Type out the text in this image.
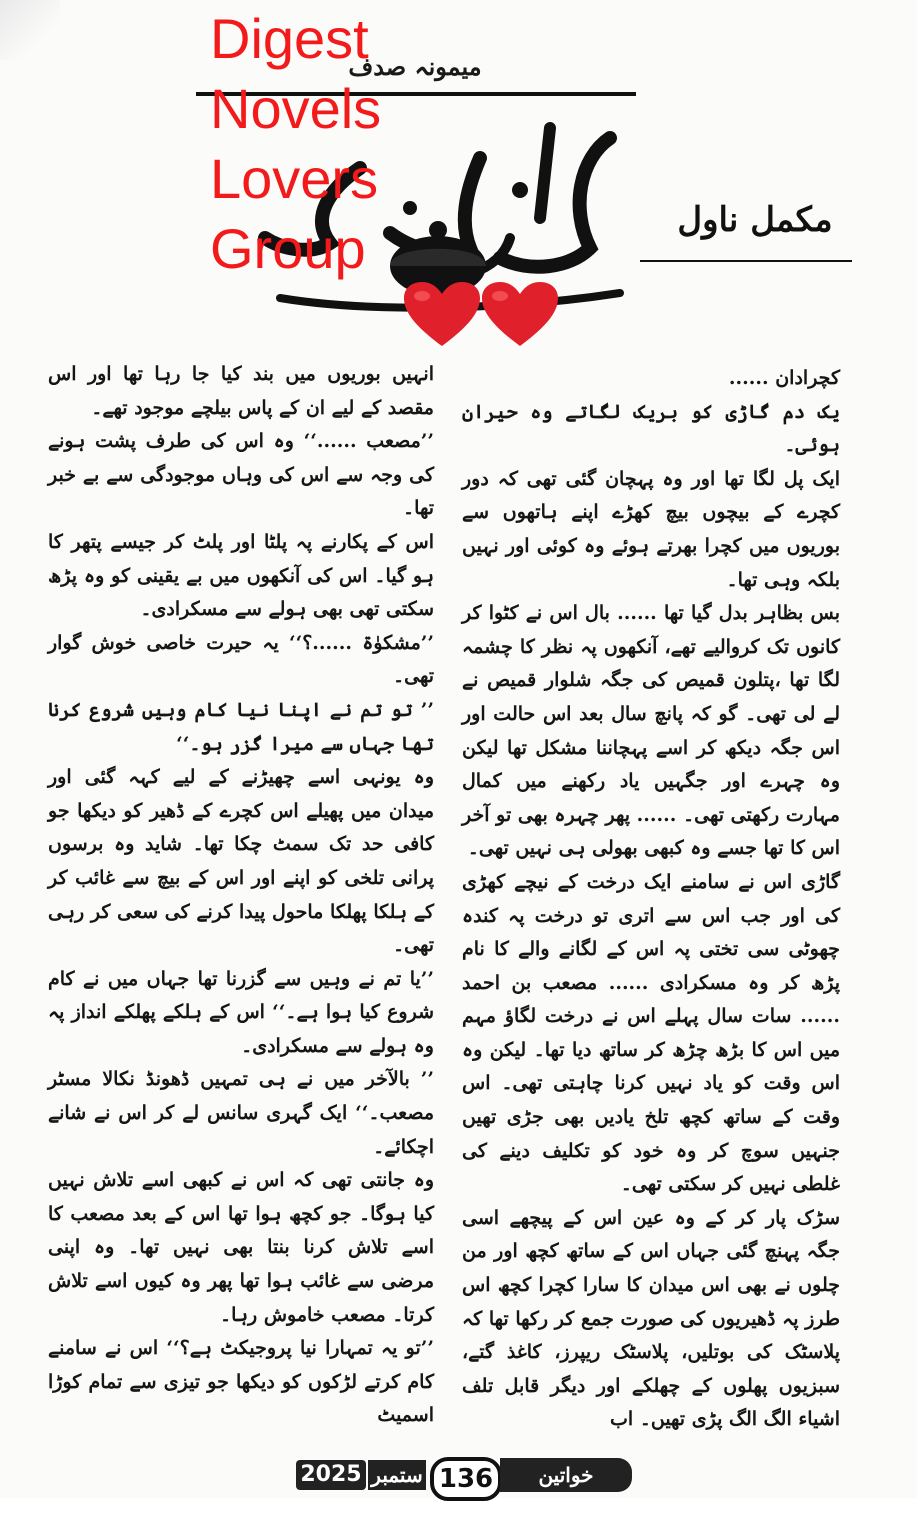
میمونہ صدف
مکمل ناول
Digest
Novels
Lovers
Group

کچرادان ......

یک دم گاڑی کو بریک لگاتے وہ حیران ہوئی۔

ایک پل لگا تھا اور وہ پہچان گئی تھی کہ دور کچرے کے بیچوں بیچ کھڑے اپنے ہاتھوں سے بوریوں میں کچرا بھرتے ہوئے وہ کوئی اور نہیں بلکہ وہی تھا۔

بس بظاہر بدل گیا تھا ...... بال اس نے کٹوا کر کانوں تک کروالیے تھے، آنکھوں پہ نظر کا چشمہ لگا تھا ،پتلون قمیص کی جگہ شلوار قمیص نے لے لی تھی۔ گو کہ پانچ سال بعد اس حالت اور اس جگہ دیکھ کر اسے پہچاننا مشکل تھا لیکن وہ چہرے اور جگہیں یاد رکھنے میں کمال مہارت رکھتی تھی۔ ...... پھر چہرہ بھی تو آخر اس کا تھا جسے وہ کبھی بھولی ہی نہیں تھی۔

گاڑی اس نے سامنے ایک درخت کے نیچے کھڑی کی اور جب اس سے اتری تو درخت پہ کندہ چھوٹی سی تختی پہ اس کے لگانے والے کا نام پڑھ کر وہ مسکرادی ...... مصعب بن احمد ...... سات سال پہلے اس نے درخت لگاؤ مہم میں اس کا بڑھ چڑھ کر ساتھ دیا تھا۔ لیکن وہ اس وقت کو یاد نہیں کرنا چاہتی تھی۔ اس وقت کے ساتھ کچھ تلخ یادیں بھی جڑی تھیں جنہیں سوچ کر وہ خود کو تکلیف دینے کی غلطی نہیں کر سکتی تھی۔

سڑک پار کر کے وہ عین اس کے پیچھے اسی جگہ پہنچ گئی جہاں اس کے ساتھ کچھ اور من چلوں نے بھی اس میدان کا سارا کچرا کچھ اس طرز پہ ڈھیریوں کی صورت جمع کر رکھا تھا کہ پلاسٹک کی بوتلیں، پلاسٹک ریپرز، کاغذ گتے، سبزیوں پھلوں کے چھلکے اور دیگر قابل تلف اشیاء الگ الگ پڑی تھیں۔ اب

انہیں بوریوں میں بند کیا جا رہا تھا اور اس مقصد کے لیے ان کے پاس بیلچے موجود تھے۔

’’مصعب ......‘‘ وہ اس کی طرف پشت ہونے کی وجہ سے اس کی وہاں موجودگی سے بے خبر تھا۔

اس کے پکارنے پہ پلٹا اور پلٹ کر جیسے پتھر کا ہو گیا۔ اس کی آنکھوں میں بے یقینی کو وہ پڑھ سکتی تھی بھی ہولے سے مسکرادی۔

’’مشکوٰۃ ......؟‘‘ یہ حیرت خاصی خوش گوار تھی۔

’’ تو تم نے اپنا نیا کام وہیں شروع کرنا تھا جہاں سے میرا گزر ہو۔‘‘

وہ یونہی اسے چھیڑنے کے لیے کہہ گئی اور میدان میں پھیلے اس کچرے کے ڈھیر کو دیکھا جو کافی حد تک سمٹ چکا تھا۔ شاید وہ برسوں پرانی تلخی کو اپنے اور اس کے بیچ سے غائب کر کے ہلکا پھلکا ماحول پیدا کرنے کی سعی کر رہی تھی۔

’’یا تم نے وہیں سے گزرنا تھا جہاں میں نے کام شروع کیا ہوا ہے۔‘‘ اس کے ہلکے پھلکے انداز پہ وہ ہولے سے مسکرادی۔

’’ بالآخر میں نے ہی تمہیں ڈھونڈ نکالا مسٹر مصعب۔‘‘ ایک گہری سانس لے کر اس نے شانے اچکائے۔

وہ جانتی تھی کہ اس نے کبھی اسے تلاش نہیں کیا ہوگا۔ جو کچھ ہوا تھا اس کے بعد مصعب کا اسے تلاش کرنا بنتا بھی نہیں تھا۔ وہ اپنی مرضی سے غائب ہوا تھا پھر وہ کیوں اسے تلاش کرتا۔ مصعب خاموش رہا۔

’’تو یہ تمہارا نیا پروجیکٹ ہے؟‘‘ اس نے سامنے کام کرتے لڑکوں کو دیکھا جو تیزی سے تمام کوڑا اسمیٹ

2025 ستمبر 136	خواتین ڈائجسٹ
